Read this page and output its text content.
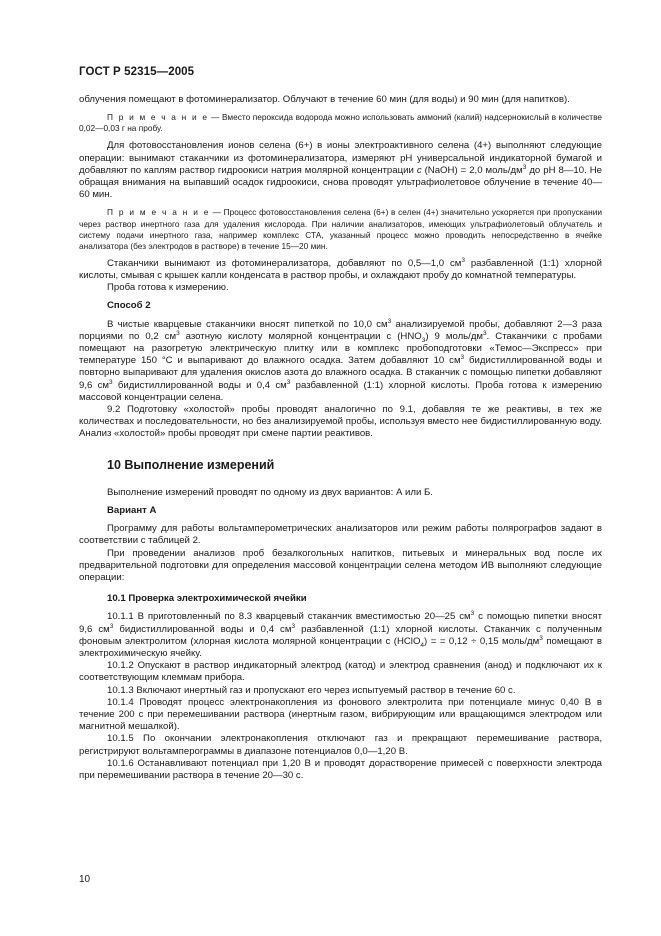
ГОСТ Р 52315—2005

облучения помещают в фотоминерализатор. Облучают в течение 60 мин (для воды) и 90 мин (для напитков).

П р и м е ч а н и е — Вместо пероксида водорода можно использовать аммоний (калий) надсернокислый в количестве 0,02—0,03 г на пробу.

Для фотовосстановления ионов селена (6+) в ионы электроактивного селена (4+) выполняют следующие операции: вынимают стаканчики из фотоминерализатора, измеряют pH универсальной индикаторной бумагой и добавляют по каплям раствор гидроокиси натрия молярной концентрации c (NaOH) = 2,0 моль/$дм^3$ до pH 8—10. Не обращая внимания на выпавший осадок гидроокиси, снова проводят ультрафиолетовое облучение в течение 40—60 мин.

П р и м е ч а н и е — Процесс фотовосстановления селена (6+) в селен (4+) значительно ускоряется при пропускании через раствор инертного газа для удаления кислорода. При наличии анализаторов, имеющих ультрафиолетовый облучатель и систему подачи инертного газа, например комплекс СТА, указанный процесс можно проводить непосредственно в ячейке анализатора (без электродов в растворе) в течение 15—20 мин.

Стаканчики вынимают из фотоминерализатора, добавляют по 0,5—1,0 $см^3$ разбавленной (1:1) хлорной кислоты, смывая с крышек капли конденсата в раствор пробы, и охлаждают пробу до комнатной температуры.

Проба готова к измерению.

Способ 2

В чистые кварцевые стаканчики вносят пипеткой по 10,0 $см^3$ анализируемой пробы, добавляют 2—3 раза порциями по 0,2 $см^3$ азотную кислоту молярной концентрации c $(HNO_3)$ 9 моль/$дм^3$. Стаканчики с пробами помещают на разогретую электрическую плитку или в комплекс пробоподготовки «Темос—Экспресс» при температуре 150 °С и выпаривают до влажного осадка. Затем добавляют 10 $см^3$ бидистиллированной воды и повторно выпаривают для удаления окислов азота до влажного осадка. В стаканчик с помощью пипетки добавляют 9,6 $см^3$ бидистиллированной воды и 0,4 $см^3$ разбавленной (1:1) хлорной кислоты. Проба готова к измерению массовой концентрации селена.

9.2 Подготовку «холостой» пробы проводят аналогично по 9.1, добавляя те же реактивы, в тех же количествах и последовательности, но без анализируемой пробы, используя вместо нее бидистиллированную воду. Анализ «холостой» пробы проводят при смене партии реактивов.

10 Выполнение измерений

Выполнение измерений проводят по одному из двух вариантов: А или Б.

Вариант А

Программу для работы вольтамперометрических анализаторов или режим работы полярографов задают в соответствии с таблицей 2.

При проведении анализов проб безалкогольных напитков, питьевых и минеральных вод после их предварительной подготовки для определения массовой концентрации селена методом ИВ выполняют следующие операции:

10.1 Проверка электрохимической ячейки

10.1.1 В приготовленный по 8.3 кварцевый стаканчик вместимостью 20—25 $см^3$ с помощью пипетки вносят 9,6 $см^3$ бидистиллированной воды и 0,4 $см^3$ разбавленной (1:1) хлорной кислоты. Стаканчик с полученным фоновым электролитом (хлорная кислота молярной концентрации c (HClO$_4$) = = 0,12 ÷ 0,15 моль/$дм^3$ помещают в электрохимическую ячейку.

10.1.2 Опускают в раствор индикаторный электрод (катод) и электрод сравнения (анод) и подключают их к соответствующим клеммам прибора.

10.1.3 Включают инертный газ и пропускают его через испытуемый раствор в течение 60 с.

10.1.4 Проводят процесс электронакопления из фонового электролита при потенциале минус 0,40 В в течение 200 с при перемешивании раствора (инертным газом, вибрирующим или вращающимся электродом или магнитной мешалкой).

10.1.5 По окончании электронакопления отключают газ и прекращают перемешивание раствора, регистрируют вольтамперограммы в диапазоне потенциалов 0,0—1,20 В.

10.1.6 Останавливают потенциал при 1,20 В и проводят дорастворение примесей с поверхности электрода при перемешивании раствора в течение 20—30 с.

10
